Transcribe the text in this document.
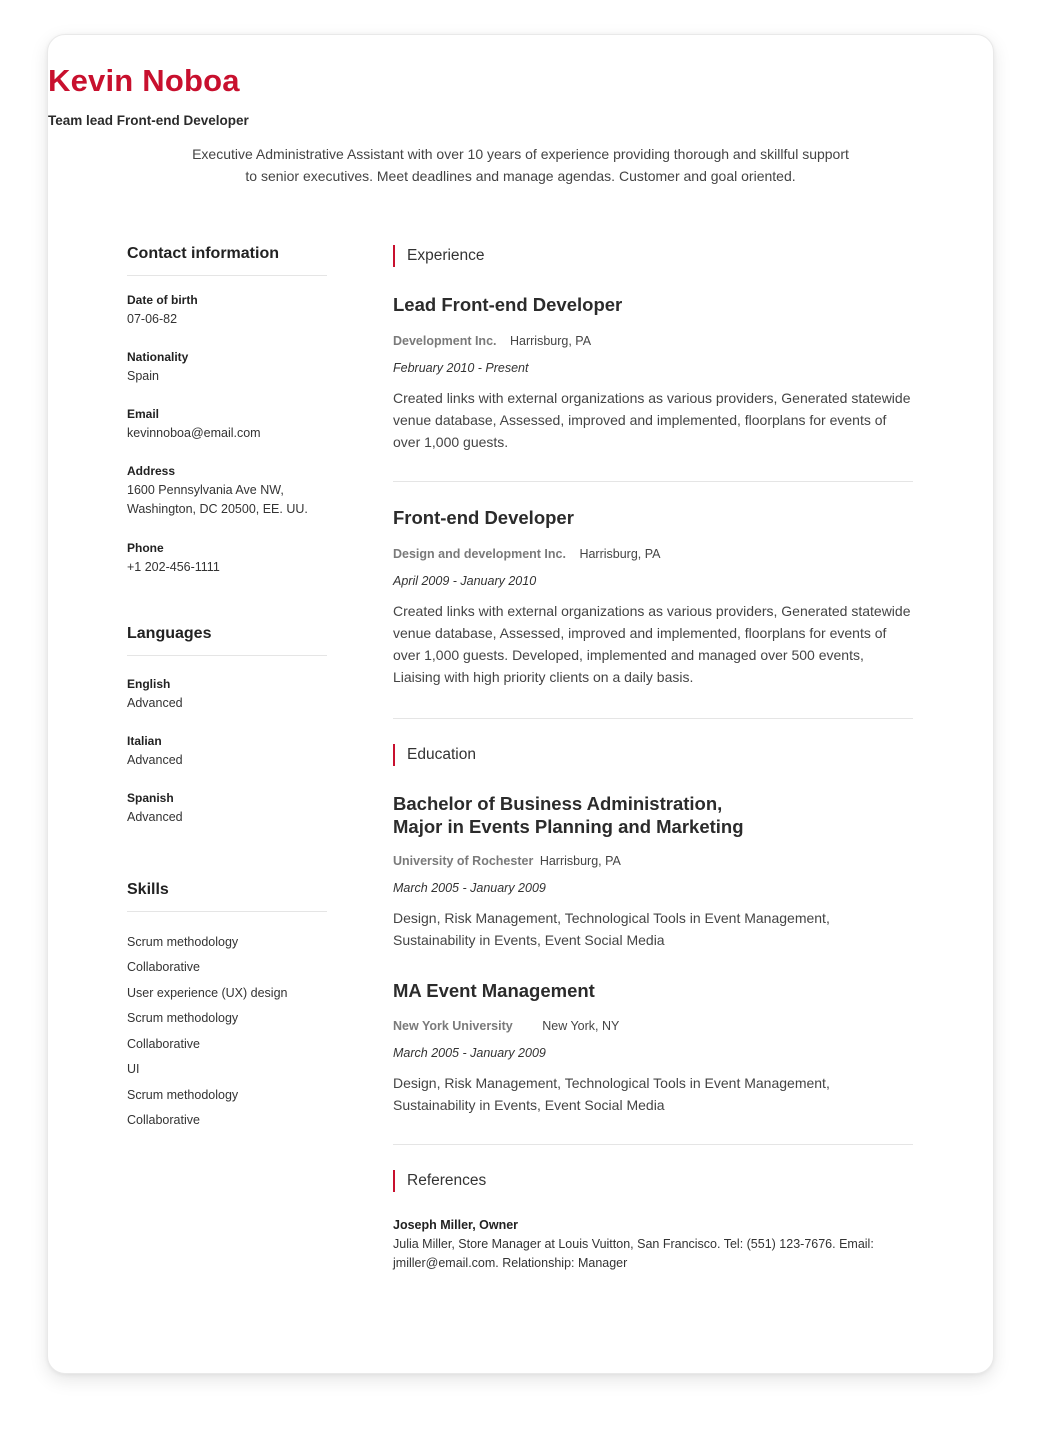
Kevin Noboa
Team lead Front-end Developer
Executive Administrative Assistant with over 10 years of experience providing thorough and skillful support to senior executives. Meet deadlines and manage agendas. Customer and goal oriented.
Contact information
Date of birth
07-06-82
Nationality
Spain
Email
kevinnoboa@email.com
Address
1600 Pennsylvania Ave NW, Washington, DC 20500, EE. UU.
Phone
+1 202-456-1111
Languages
English
Advanced
Italian
Advanced
Spanish
Advanced
Skills
Scrum methodology
Collaborative
User experience (UX) design
Scrum methodology
Collaborative
UI
Scrum methodology
Collaborative
Experience
Lead Front-end Developer
Development Inc. Harrisburg, PA
February 2010 - Present
Created links with external organizations as various providers, Generated statewide venue database, Assessed, improved and implemented, floorplans for events of over 1,000 guests.
Front-end Developer
Design and development Inc. Harrisburg, PA
April 2009 - January 2010
Created links with external organizations as various providers, Generated statewide venue database, Assessed, improved and implemented, floorplans for events of over 1,000 guests. Developed, implemented and managed over 500 events, Liaising with high priority clients on a daily basis.
Education
Bachelor of Business Administration,
Major in Events Planning and Marketing
University of Rochester Harrisburg, PA
March 2005 - January 2009
Design, Risk Management, Technological Tools in Event Management, Sustainability in Events, Event Social Media
MA Event Management
New York University New York, NY
March 2005 - January 2009
Design, Risk Management, Technological Tools in Event Management, Sustainability in Events, Event Social Media
References
Joseph Miller, Owner
Julia Miller, Store Manager at Louis Vuitton, San Francisco. Tel: (551) 123-7676. Email: jmiller@email.com. Relationship: Manager
